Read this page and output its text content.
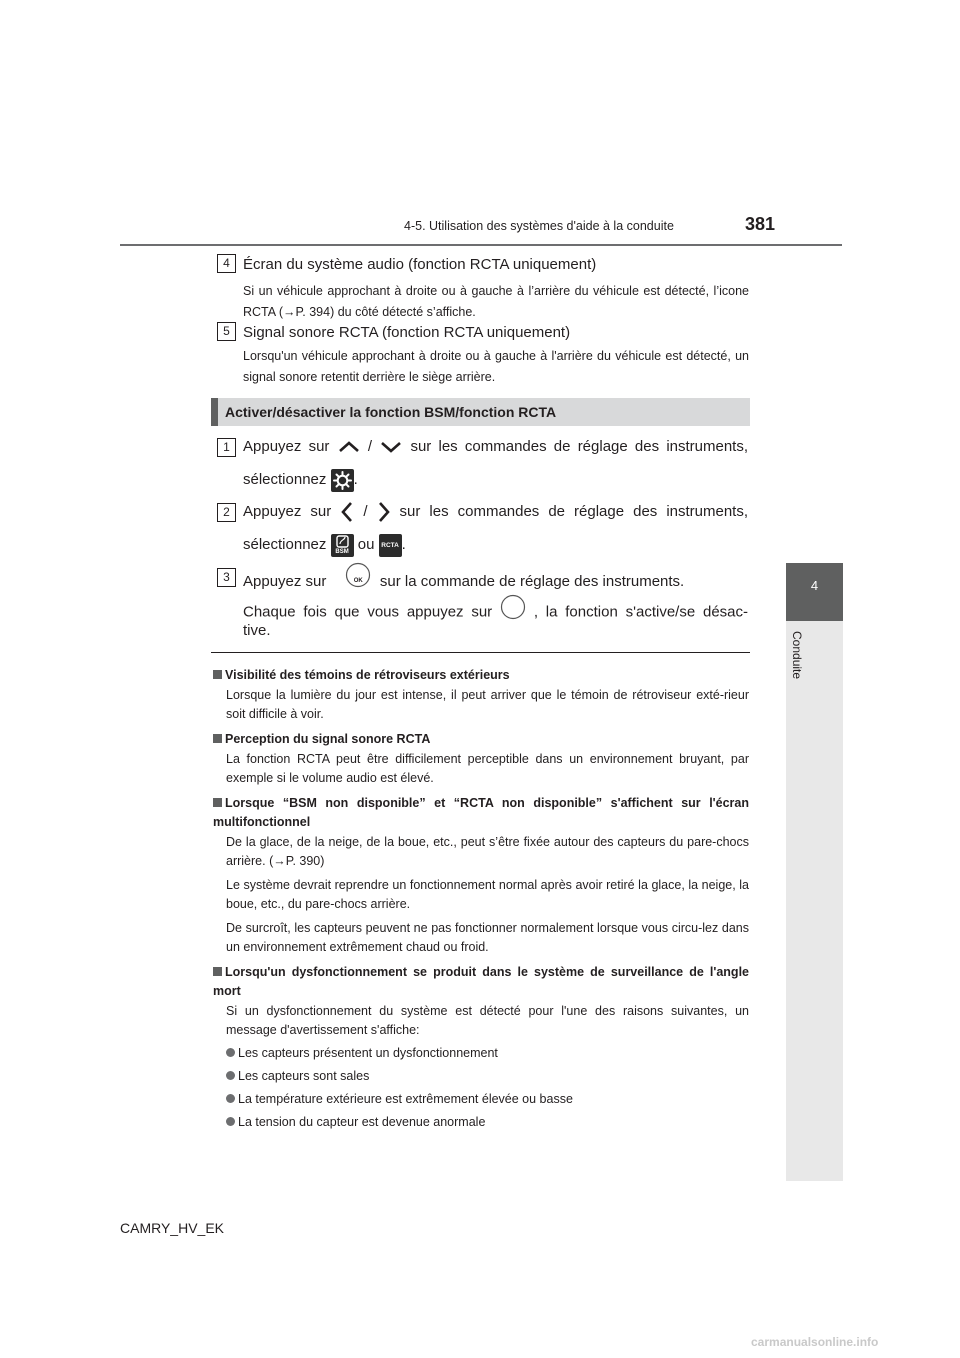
4-5. Utilisation des systèmes d'aide à la conduite	381
4
Conduite
4 Écran du système audio (fonction RCTA uniquement)
Si un véhicule approchant à droite ou à gauche à l’arrière du véhicule est détecté, l’icone RCTA (→P. 394) du côté détecté s’affiche.
5 Signal sonore RCTA (fonction RCTA uniquement)
Lorsqu'un véhicule approchant à droite ou à gauche à l'arrière du véhicule est détecté, un signal sonore retentit derrière le siège arrière.
Activer/désactiver la fonction BSM/fonction RCTA
1 Appuyez sur	/	sur les commandes de réglage des instruments,
sélectionnez .
2 Appuyez sur / sur les commandes de réglage des instruments,
sélectionnez	BSM ou	RCTA .
3 Appuyez sur	$^{OK}$ sur la commande de réglage des instruments.
Chaque fois que vous appuyez sur	, la fonction s'active/se désac-
tive.
Visibilité des témoins de rétroviseurs extérieurs
Lorsque la lumière du jour est intense, il peut arriver que le témoin de rétroviseur exté-rieur soit difficile à voir.
Perception du signal sonore RCTA
La fonction RCTA peut être difficilement perceptible dans un environnement bruyant, par exemple si le volume audio est élevé.
Lorsque “BSM non disponible” et “RCTA non disponible” s'affichent sur l'écran multifonctionnel
De la glace, de la neige, de la boue, etc., peut s’être fixée autour des capteurs du pare-chocs arrière. (→P. 390)
Le système devrait reprendre un fonctionnement normal après avoir retiré la glace, la neige, la boue, etc., du pare-chocs arrière.
De surcroît, les capteurs peuvent ne pas fonctionner normalement lorsque vous circu-lez dans un environnement extrêmement chaud ou froid.
Lorsqu'un dysfonctionnement se produit dans le système de surveillance de l'angle mort
Si un dysfonctionnement du système est détecté pour l'une des raisons suivantes, un message d'avertissement s'affiche:
Les capteurs présentent un dysfonctionnement
Les capteurs sont sales
La température extérieure est extrêmement élevée ou basse
La tension du capteur est devenue anormale
CAMRY_HV_EK
carmanualsonline.info
